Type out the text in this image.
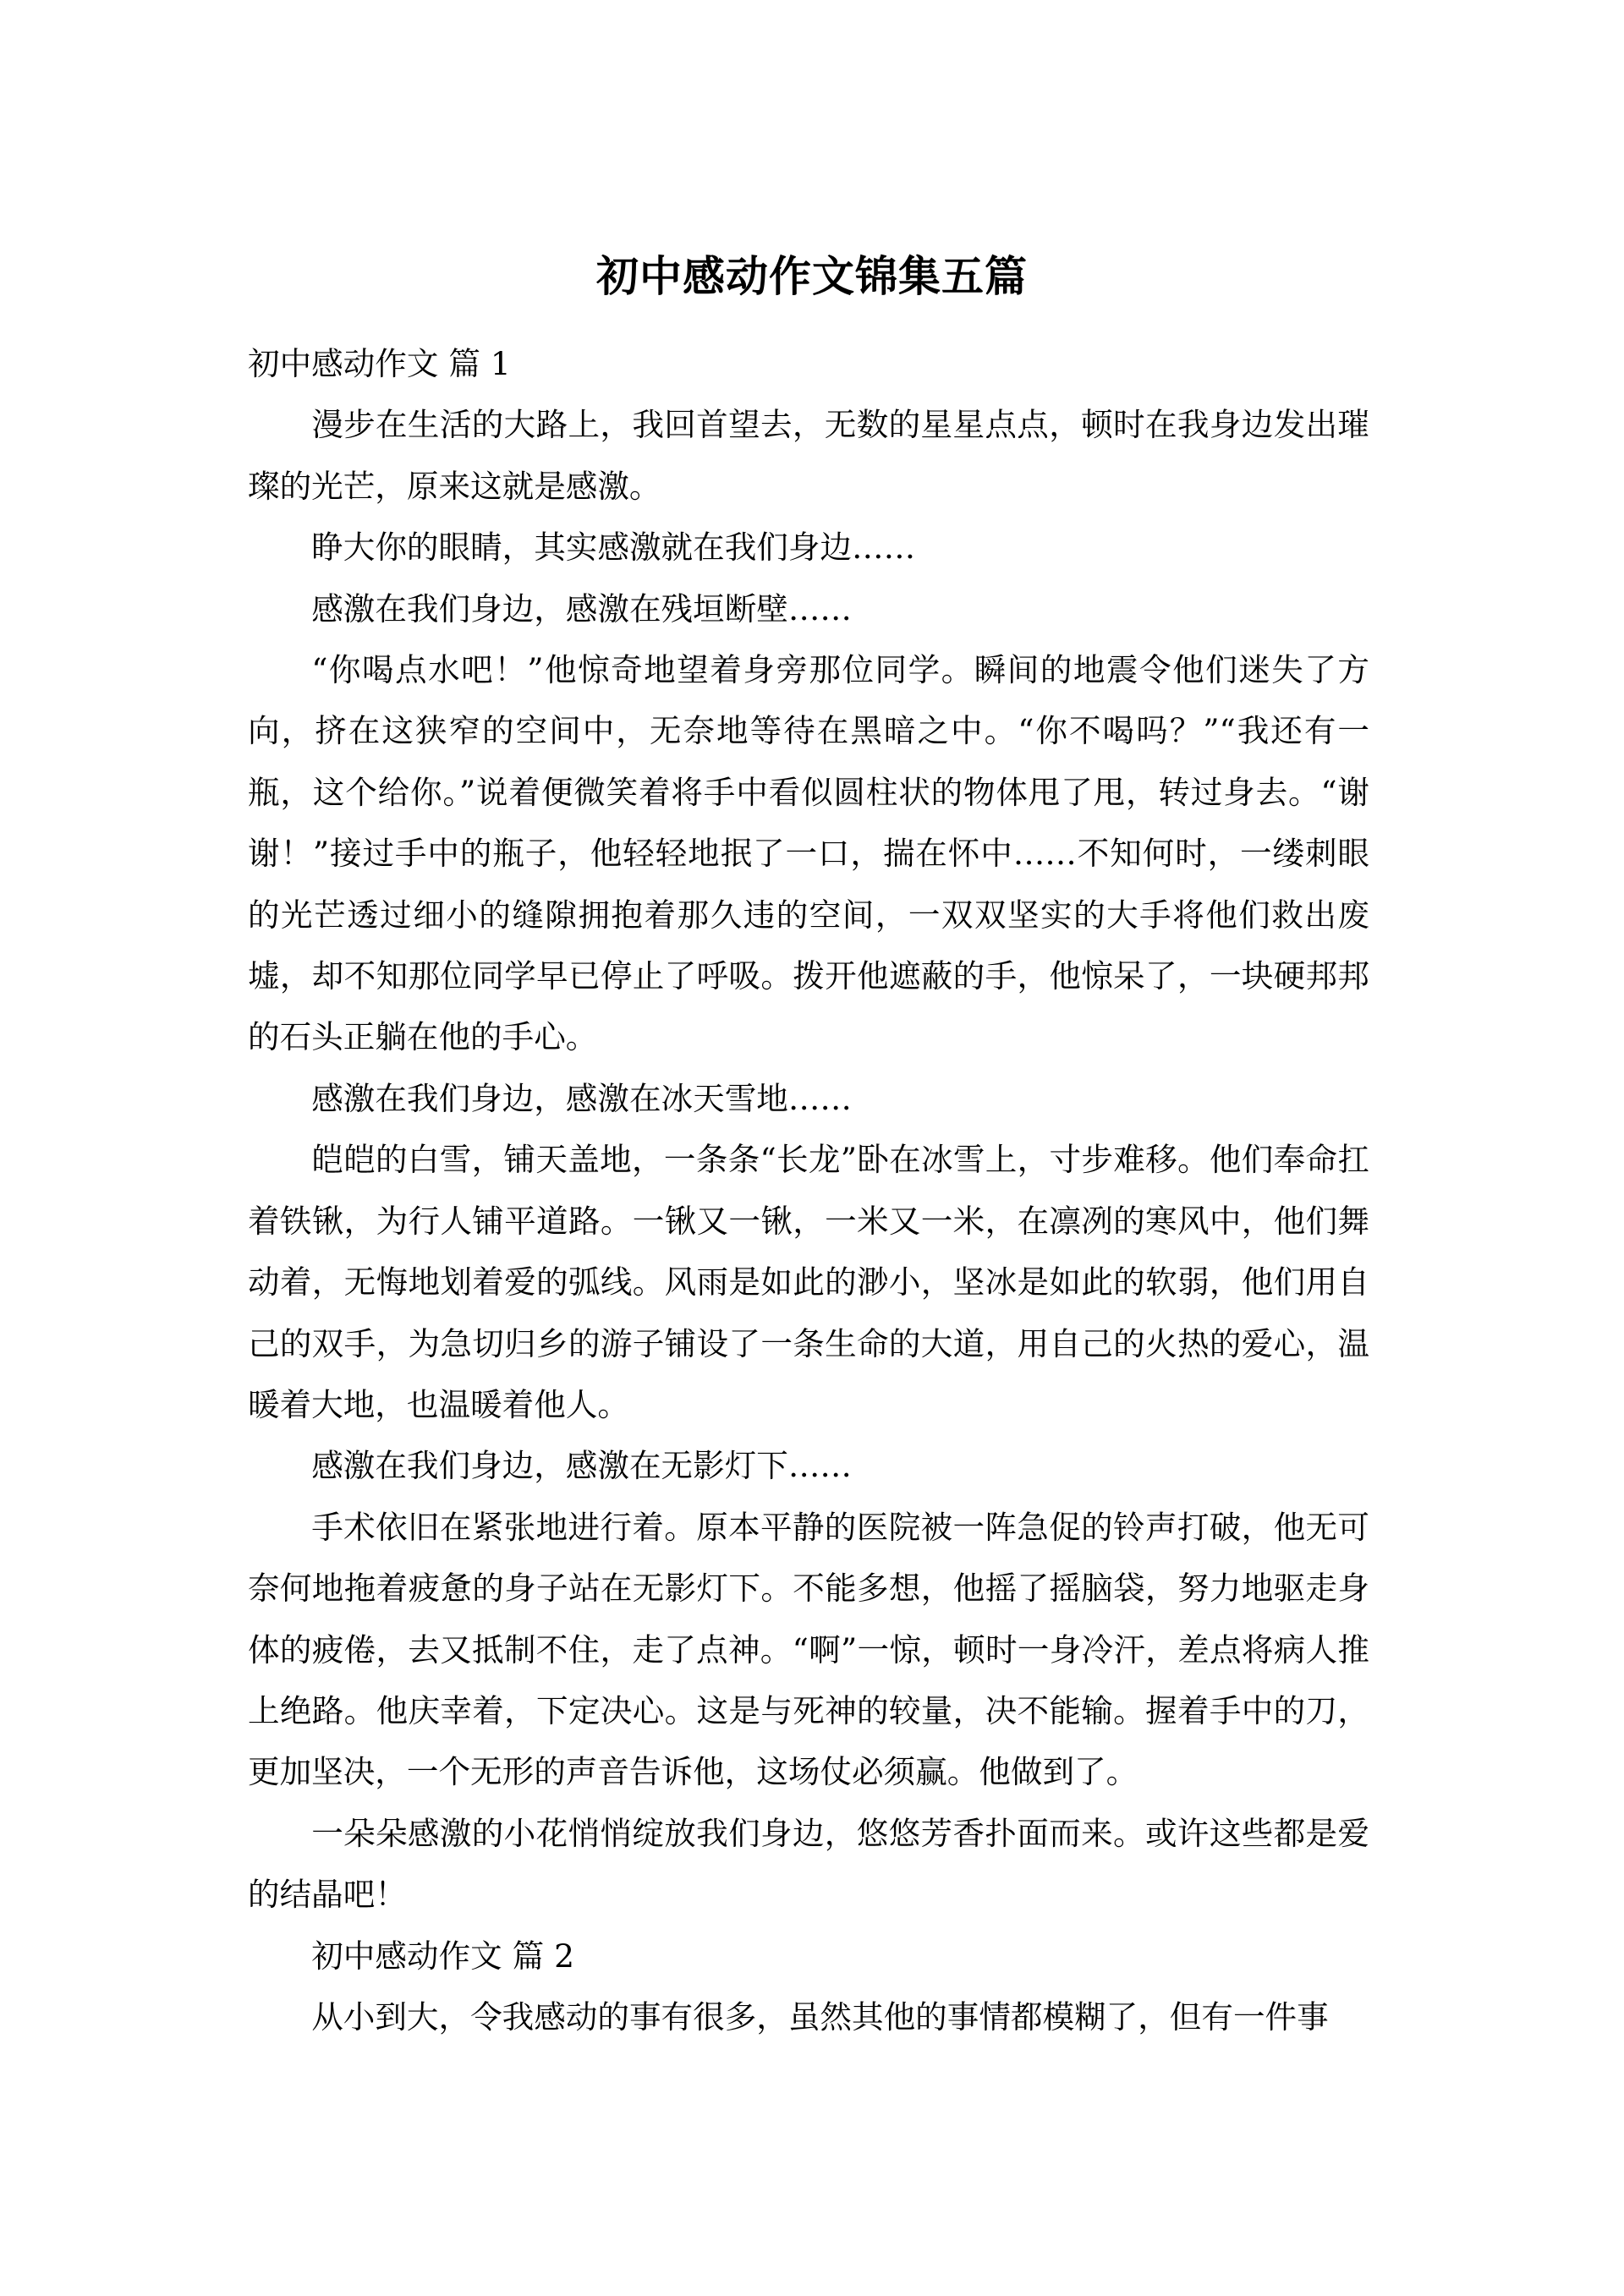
初中感动作文锦集五篇

初中感动作文 篇 1

漫步在生活的大路上，我回首望去，无数的星星点点，顿时在我身边发出璀璨的光芒，原来这就是感激。

睁大你的眼睛，其实感激就在我们身边……

感激在我们身边，感激在残垣断壁……

“你喝点水吧！”他惊奇地望着身旁那位同学。瞬间的地震令他们迷失了方向，挤在这狭窄的空间中，无奈地等待在黑暗之中。“你不喝吗？”“我还有一瓶，这个给你。”说着便微笑着将手中看似圆柱状的物体甩了甩，转过身去。“谢谢！”接过手中的瓶子，他轻轻地抿了一口，揣在怀中……不知何时，一缕刺眼的光芒透过细小的缝隙拥抱着那久违的空间，一双双坚实的大手将他们救出废墟，却不知那位同学早已停止了呼吸。拨开他遮蔽的手，他惊呆了，一块硬邦邦的石头正躺在他的手心。

感激在我们身边，感激在冰天雪地……

皑皑的白雪，铺天盖地，一条条“长龙”卧在冰雪上，寸步难移。他们奉命扛着铁锹，为行人铺平道路。一锹又一锹，一米又一米，在凛冽的寒风中，他们舞动着，无悔地划着爱的弧线。风雨是如此的渺小，坚冰是如此的软弱，他们用自己的双手，为急切归乡的游子铺设了一条生命的大道，用自己的火热的爱心，温暖着大地，也温暖着他人。

感激在我们身边，感激在无影灯下……

手术依旧在紧张地进行着。原本平静的医院被一阵急促的铃声打破，他无可奈何地拖着疲惫的身子站在无影灯下。不能多想，他摇了摇脑袋，努力地驱走身体的疲倦，去又抵制不住，走了点神。“啊”一惊，顿时一身冷汗，差点将病人推上绝路。他庆幸着，下定决心。这是与死神的较量，决不能输。握着手中的刀，更加坚决，一个无形的声音告诉他，这场仗必须赢。他做到了。

一朵朵感激的小花悄悄绽放我们身边，悠悠芳香扑面而来。或许这些都是爱的结晶吧！

初中感动作文 篇 2

从小到大，令我感动的事有很多，虽然其他的事情都模糊了，但有一件事
